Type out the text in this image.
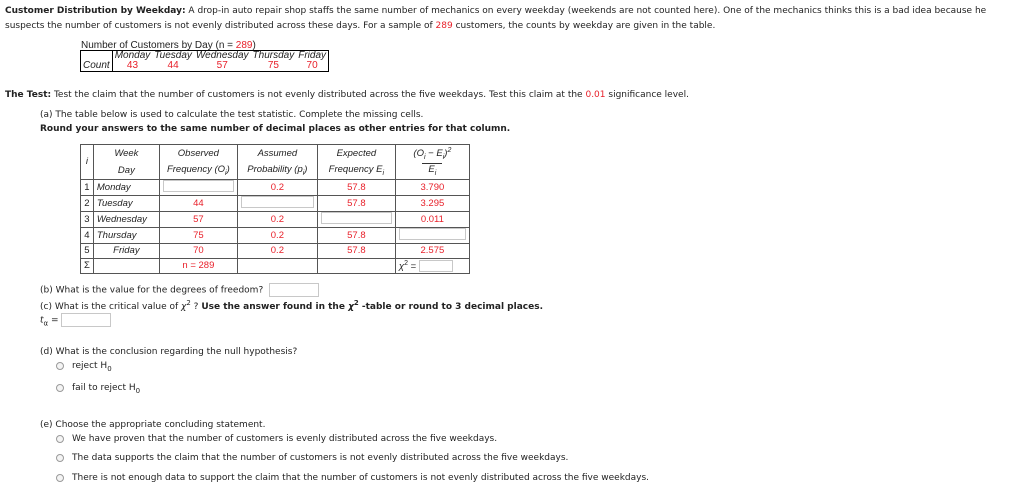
Customer Distribution by Weekday: A drop-in auto repair shop staffs the same number of mechanics on every weekday (weekends are not counted here). One of the mechanics thinks this is a bad idea because he suspects the number of customers is not evenly distributed across these days. For a sample of 289 customers, the counts by weekday are given in the table.
Number of Customers by Day (n = 289)
	Monday	Tuesday	Wednesday	Thursday	Friday
Count	43	44	57	75	70
The Test: Test the claim that the number of customers is not evenly distributed across the five weekdays. Test this claim at the 0.01 significance level.
(a) The table below is used to calculate the test statistic. Complete the missing cells.
Round your answers to the same number of decimal places as other entries for that column.
i	Week	Observed	Assumed	Expected	$(O_i - E_i)^2$
$E_i$
	Day	Frequency $(O_i)$	Probability $(p_i)$	Frequency $E_i$
1	Monday		0.2	57.8	3.790
2	Tuesday	44		57.8	3.295
3	Wednesday	57	0.2		0.011
4	Thursday	75	0.2	57.8	
5	Friday	70	0.2	57.8	2.575
Σ		n = 289			$\chi^2$ =
(b) What is the value for the degrees of freedom?
(c) What is the critical value of $\chi^2$ ? Use the answer found in the $\chi^2$ -table or round to 3 decimal places.
$t_\alpha$ =
(d) What is the conclusion regarding the null hypothesis?
reject $H_0$
fail to reject $H_0$
(e) Choose the appropriate concluding statement.
We have proven that the number of customers is evenly distributed across the five weekdays.
The data supports the claim that the number of customers is not evenly distributed across the five weekdays.
There is not enough data to support the claim that the number of customers is not evenly distributed across the five weekdays.
